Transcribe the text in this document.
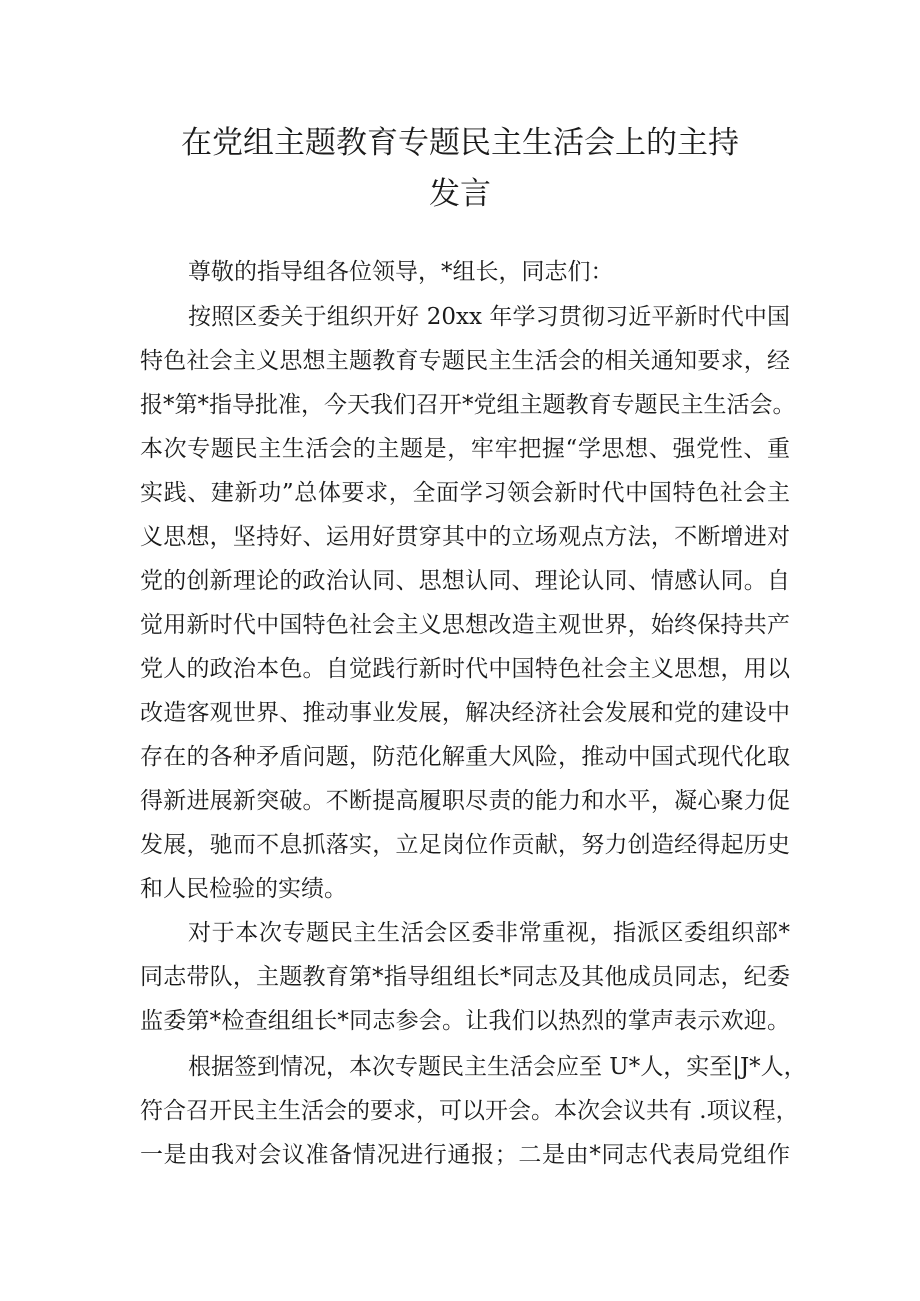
在党组主题教育专题民主生活会上的主持
发言
尊敬的指导组各位领导，*组长，同志们：
按照区委关于组织开好 20xx 年学习贯彻习近平新时代中国
特色社会主义思想主题教育专题民主生活会的相关通知要求，经
报*第*指导批准，今天我们召开*党组主题教育专题民主生活会。
本次专题民主生活会的主题是，牢牢把握“学思想、强党性、重
实践、建新功”总体要求，全面学习领会新时代中国特色社会主
义思想，坚持好、运用好贯穿其中的立场观点方法，不断增进对
党的创新理论的政治认同、思想认同、理论认同、情感认同。自
觉用新时代中国特色社会主义思想改造主观世界，始终保持共产
党人的政治本色。自觉践行新时代中国特色社会主义思想，用以
改造客观世界、推动事业发展，解决经济社会发展和党的建设中
存在的各种矛盾问题，防范化解重大风险，推动中国式现代化取
得新进展新突破。不断提高履职尽责的能力和水平，凝心聚力促
发展，驰而不息抓落实，立足岗位作贡献，努力创造经得起历史
和人民检验的实绩。
对于本次专题民主生活会区委非常重视，指派区委组织部*
同志带队，主题教育第*指导组组长*同志及其他成员同志，纪委
监委第*检查组组长*同志参会。让我们以热烈的掌声表示欢迎。
根据签到情况，本次专题民主生活会应至 U*人，实至|J*人，
符合召开民主生活会的要求，可以开会。本次会议共有 .项议程，
一是由我对会议准备情况进行通报；二是由*同志代表局党组作
